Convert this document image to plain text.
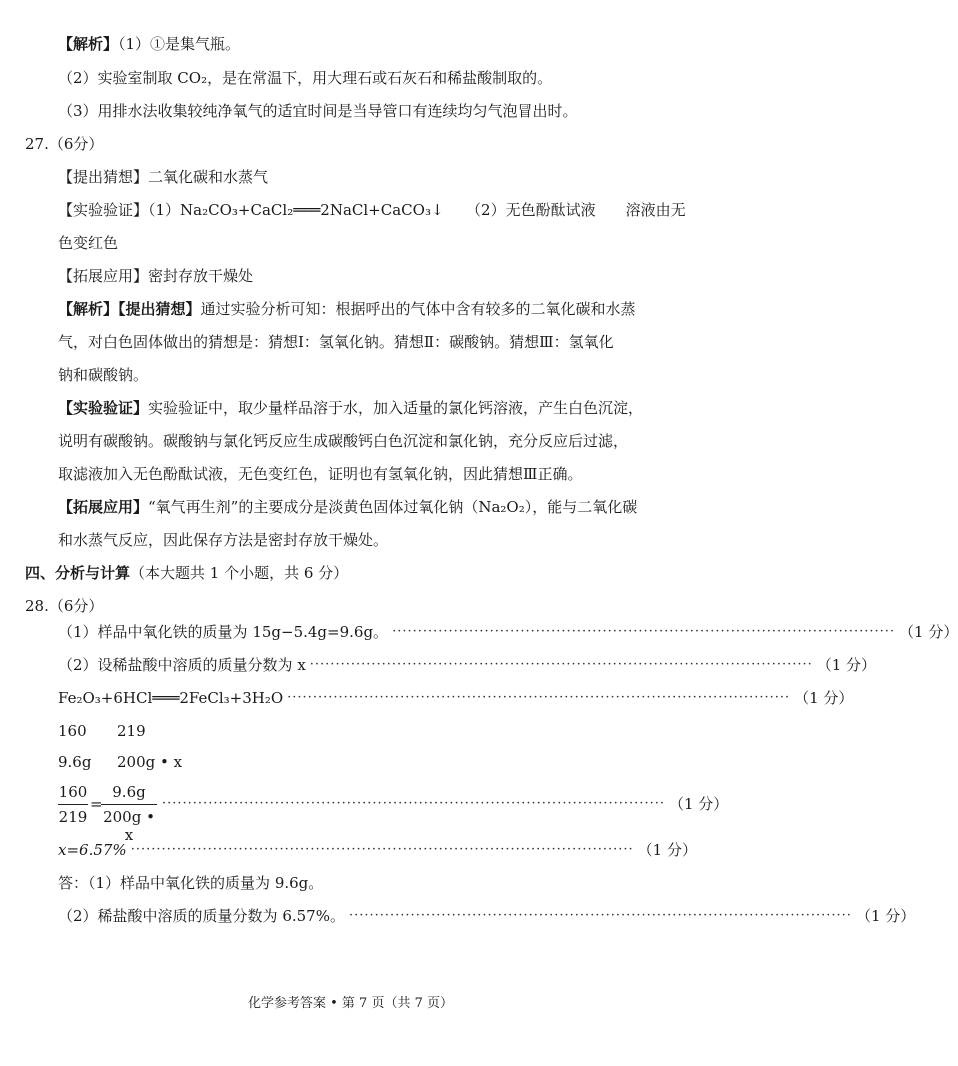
【解析】（1）①是集气瓶。
（2）实验室制取 CO₂，是在常温下，用大理石或石灰石和稀盐酸制取的。
（3）用排水法收集较纯净氧气的适宜时间是当导管口有连续均匀气泡冒出时。
27.（6分）
【提出猜想】二氧化碳和水蒸气
【实验验证】（1）Na₂CO₃+CaCl₂═══2NaCl+CaCO₃↓　　（2）无色酚酞试液　　溶液由无
色变红色
【拓展应用】密封存放干燥处
【解析】【提出猜想】通过实验分析可知：根据呼出的气体中含有较多的二氧化碳和水蒸
气，对白色固体做出的猜想是：猜想Ⅰ：氢氧化钠。猜想Ⅱ：碳酸钠。猜想Ⅲ：氢氧化
钠和碳酸钠。
【实验验证】实验验证中，取少量样品溶于水，加入适量的氯化钙溶液，产生白色沉淀，
说明有碳酸钠。碳酸钠与氯化钙反应生成碳酸钙白色沉淀和氯化钠，充分反应后过滤，
取滤液加入无色酚酞试液，无色变红色，证明也有氢氧化钠，因此猜想Ⅲ正确。
【拓展应用】“氧气再生剂”的主要成分是淡黄色固体过氧化钠（Na₂O₂），能与二氧化碳
和水蒸气反应，因此保存方法是密封存放干燥处。
四、分析与计算（本大题共 1 个小题，共 6 分）
28.（6分）
（1）样品中氧化铁的质量为 15g−5.4g=9.6g。 ·································································································· （1 分）
（2）设稀盐酸中溶质的质量分数为 x ·································································································· （1 分）
Fe₂O₃+6HCl═══2FeCl₃+3H₂O ·································································································· （1 分）
160 219
9.6g 200g • x
160
219
=
9.6g
200g • x
·································································································· （1 分）
x=6.57% ·································································································· （1 分）
答：（1）样品中氧化铁的质量为 9.6g。
（2）稀盐酸中溶质的质量分数为 6.57%。 ·································································································· （1 分）
化学参考答案 • 第 7 页（共 7 页）
